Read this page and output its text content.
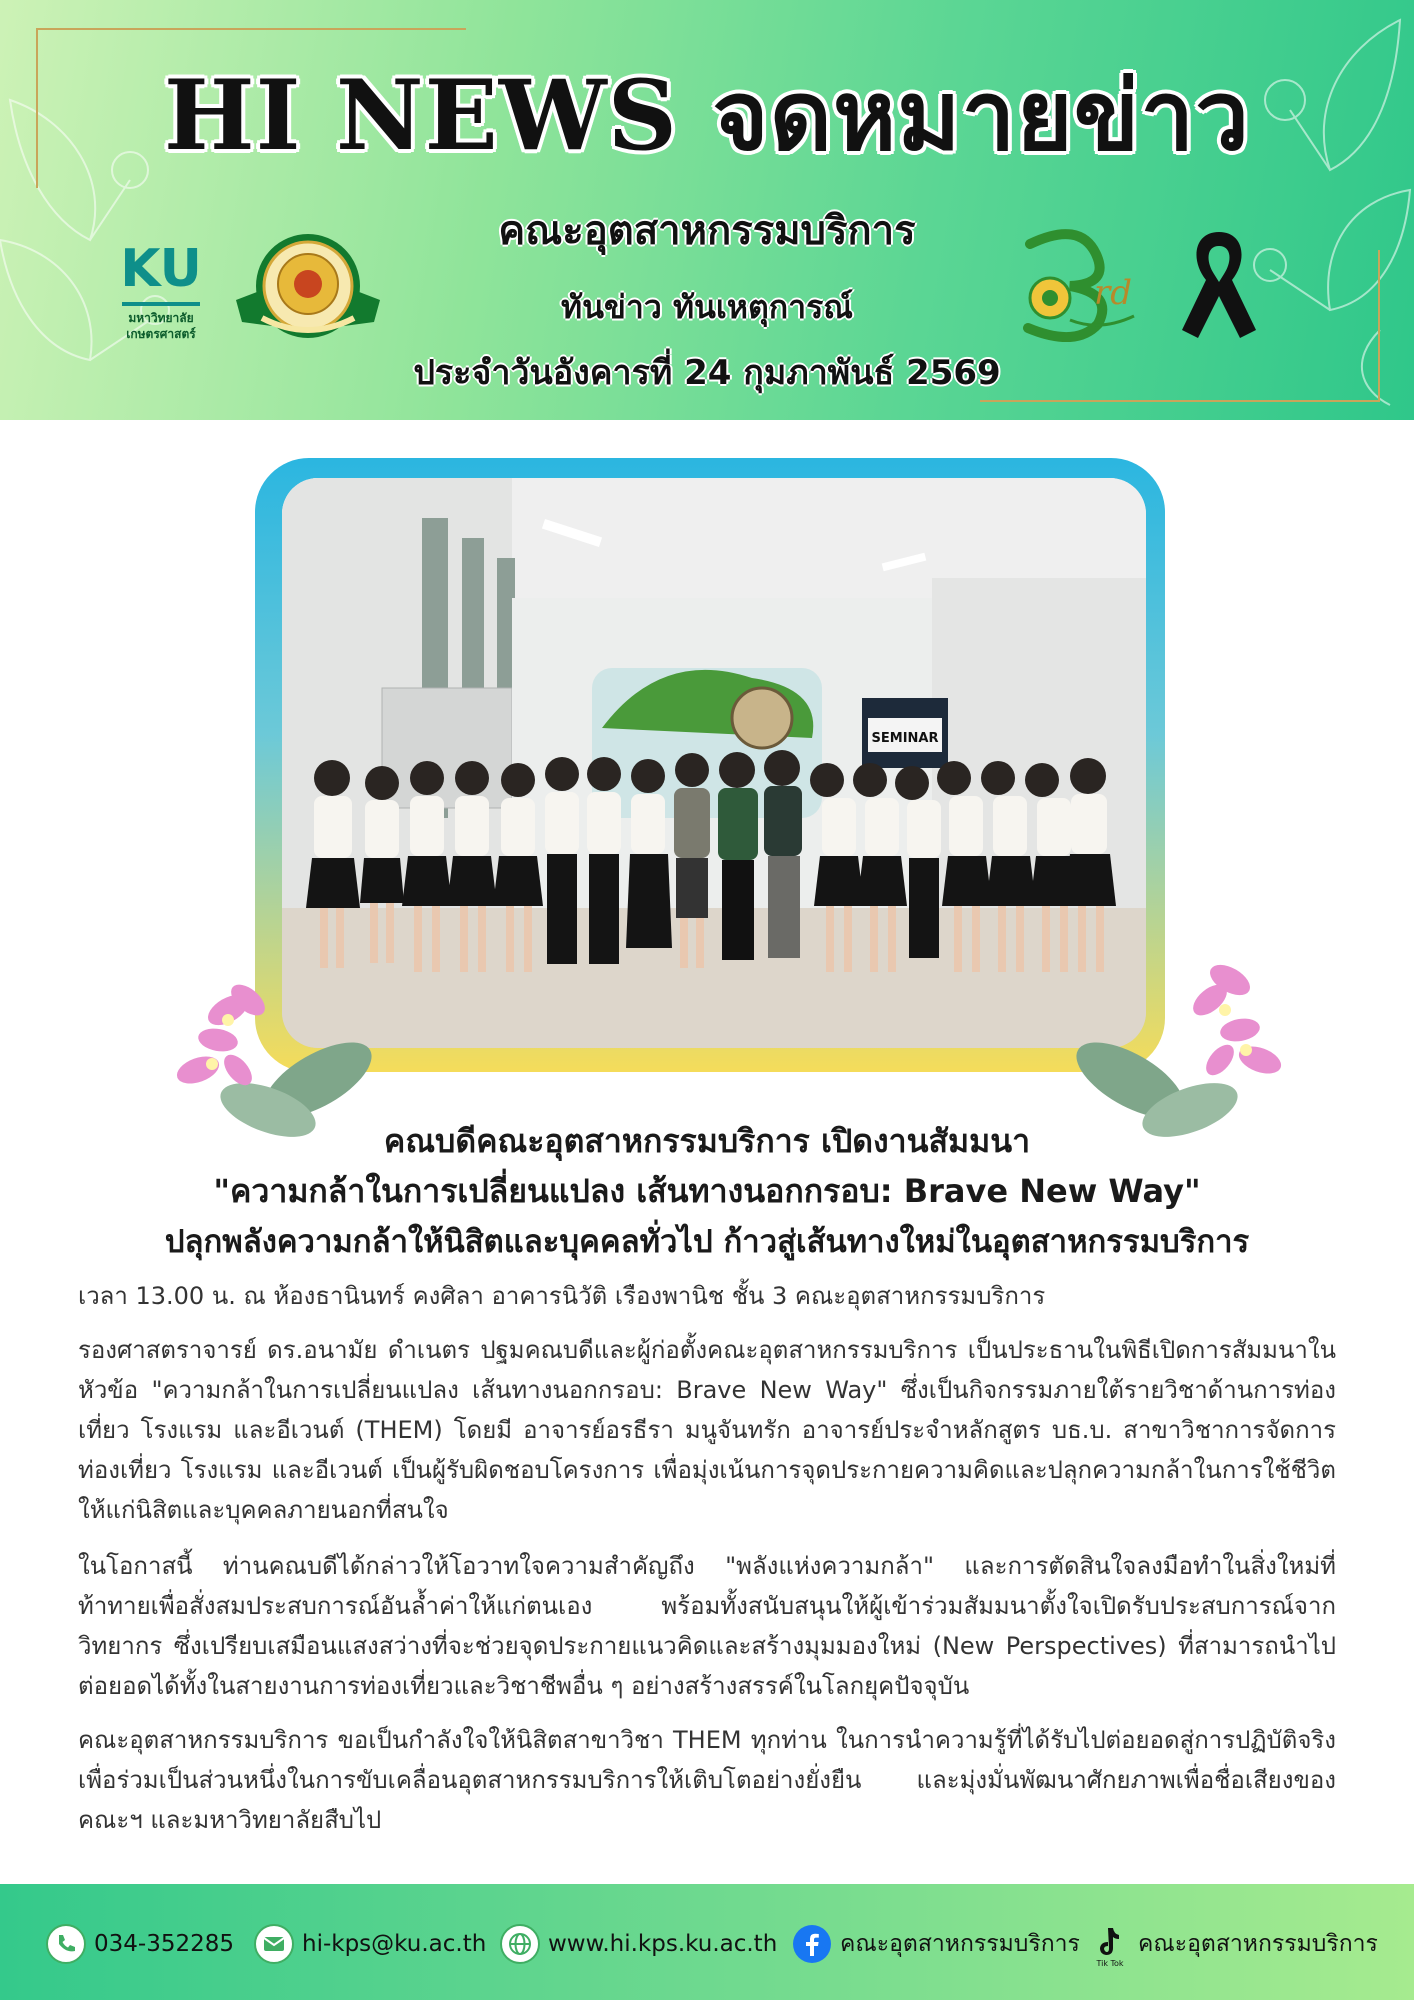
HI NEWS จดหมายข่าว
คณะอุตสาหกรรมบริการ
ทันข่าว ทันเหตุการณ์
ประจำวันอังคารที่ 24 กุมภาพันธ์ 2569
KU
มหาวิทยาลัยเกษตรศาสตร์
rd
SEMINAR
คณบดีคณะอุตสาหกรรมบริการ เปิดงานสัมมนา
"ความกล้าในการเปลี่ยนแปลง เส้นทางนอกกรอบ: Brave New Way"
ปลุกพลังความกล้าให้นิสิตและบุคคลทั่วไป ก้าวสู่เส้นทางใหม่ในอุตสาหกรรมบริการ
เวลา 13.00 น. ณ ห้องธานินทร์ คงศิลา อาคารนิวัติ เรืองพานิช ชั้น 3 คณะอุตสาหกรรมบริการ

รองศาสตราจารย์ ดร.อนามัย ดำเนตร ปฐมคณบดีและผู้ก่อตั้งคณะอุตสาหกรรมบริการ เป็นประธานในพิธีเปิดการสัมมนาในหัวข้อ "ความกล้าในการเปลี่ยนแปลง เส้นทางนอกกรอบ: Brave New Way" ซึ่งเป็นกิจกรรมภายใต้รายวิชาด้านการท่องเที่ยว โรงแรม และอีเวนต์ (THEM) โดยมี อาจารย์อรธีรา มนูจันทรัก อาจารย์ประจำหลักสูตร บธ.บ. สาขาวิชาการจัดการท่องเที่ยว โรงแรม และอีเวนต์ เป็นผู้รับผิดชอบโครงการ เพื่อมุ่งเน้นการจุดประกายความคิดและปลุกความกล้าในการใช้ชีวิตให้แก่นิสิตและบุคคลภายนอกที่สนใจ

ในโอกาสนี้ ท่านคณบดีได้กล่าวให้โอวาทใจความสำคัญถึง "พลังแห่งความกล้า" และการตัดสินใจลงมือทำในสิ่งใหม่ที่ท้าทายเพื่อสั่งสมประสบการณ์อันล้ำค่าให้แก่ตนเอง พร้อมทั้งสนับสนุนให้ผู้เข้าร่วมสัมมนาตั้งใจเปิดรับประสบการณ์จากวิทยากร ซึ่งเปรียบเสมือนแสงสว่างที่จะช่วยจุดประกายแนวคิดและสร้างมุมมองใหม่ (New Perspectives) ที่สามารถนำไปต่อยอดได้ทั้งในสายงานการท่องเที่ยวและวิชาชีพอื่น ๆ อย่างสร้างสรรค์ในโลกยุคปัจจุบัน

คณะอุตสาหกรรมบริการ ขอเป็นกำลังใจให้นิสิตสาขาวิชา THEM ทุกท่าน ในการนำความรู้ที่ได้รับไปต่อยอดสู่การปฏิบัติจริง เพื่อร่วมเป็นส่วนหนึ่งในการขับเคลื่อนอุตสาหกรรมบริการให้เติบโตอย่างยั่งยืน และมุ่งมั่นพัฒนาศักยภาพเพื่อชื่อเสียงของคณะฯ และมหาวิทยาลัยสืบไป

034-352285	hi-kps@ku.ac.th	www.hi.kps.ku.ac.th	คณะอุตสาหกรรมบริการ
Tik Tok
คณะอุตสาหกรรมบริการ
